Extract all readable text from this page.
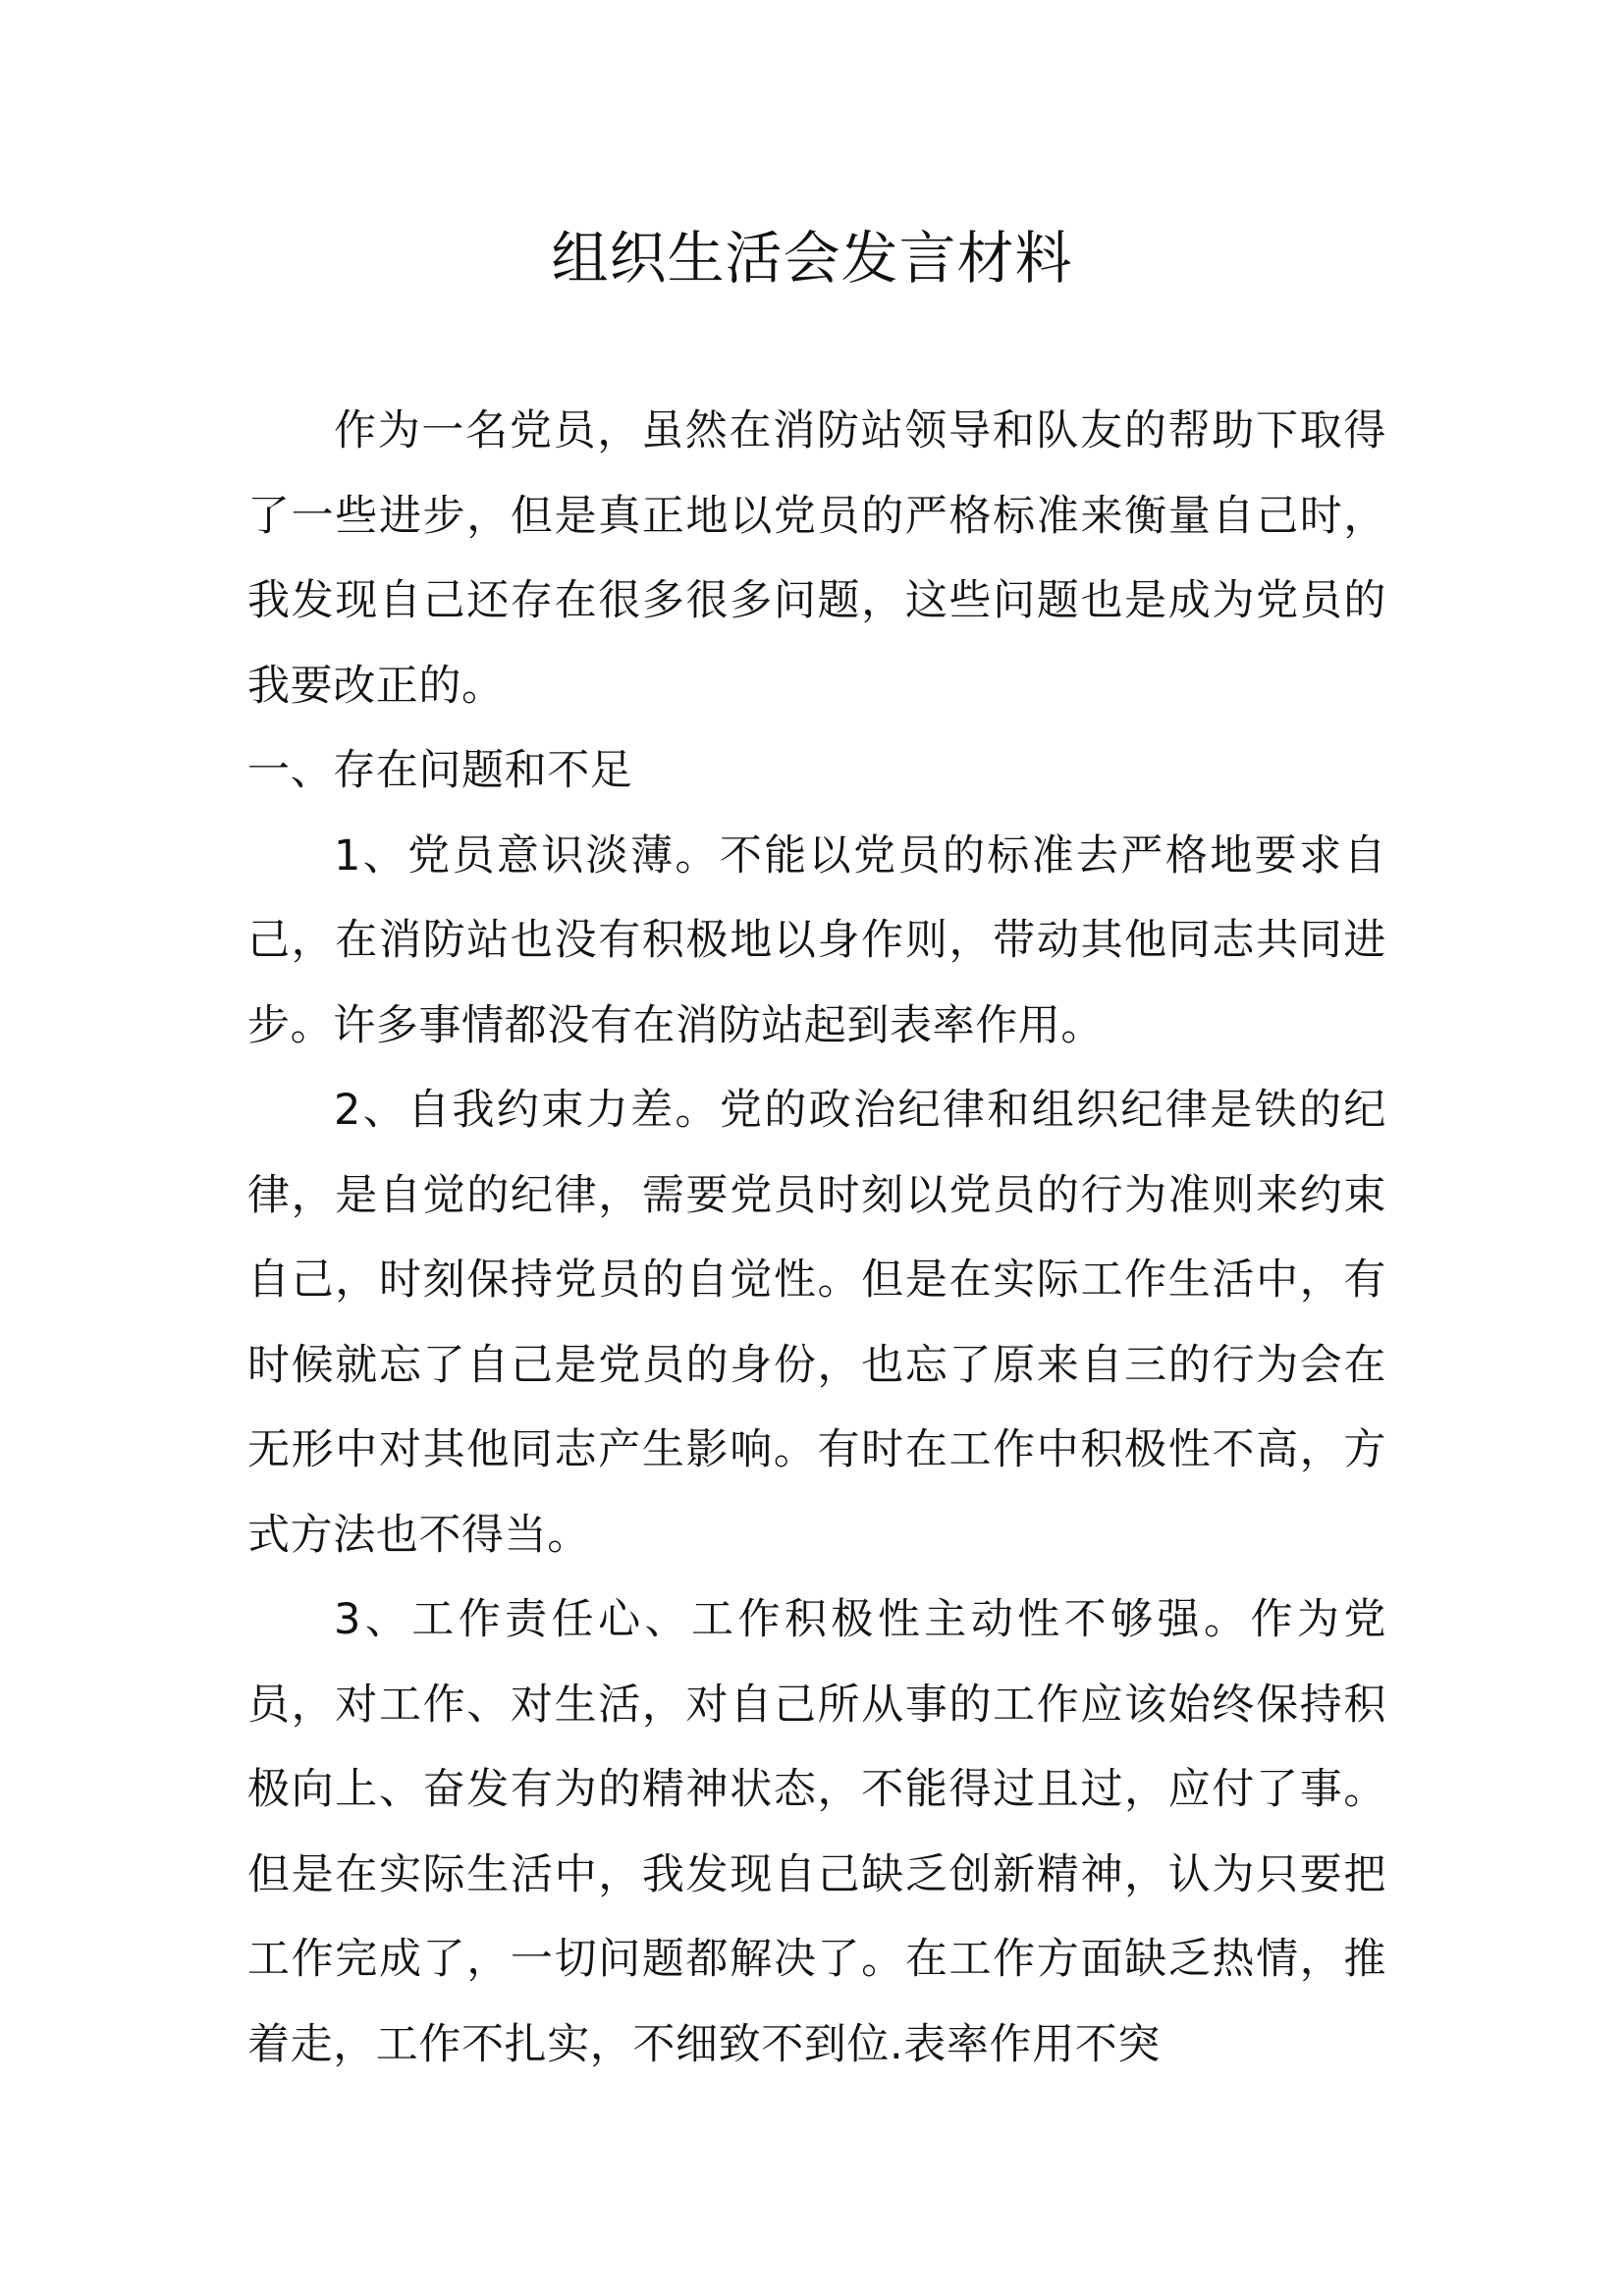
组织生活会发言材料

作为一名党员，虽然在消防站领导和队友的帮助下取得了一些进步，但是真正地以党员的严格标准来衡量自己时，我发现自己还存在很多很多问题，这些问题也是成为党员的我要改正的。

一、存在问题和不足

1、党员意识淡薄。不能以党员的标准去严格地要求自己，在消防站也没有积极地以身作则，带动其他同志共同进步。许多事情都没有在消防站起到表率作用。

2、自我约束力差。党的政治纪律和组织纪律是铁的纪律，是自觉的纪律，需要党员时刻以党员的行为准则来约束自己，时刻保持党员的自觉性。但是在实际工作生活中，有时候就忘了自己是党员的身份，也忘了原来自三的行为会在无形中对其他同志产生影响。有时在工作中积极性不高，方式方法也不得当。

3、工作责任心、工作积极性主动性不够强。作为党员，对工作、对生活，对自己所从事的工作应该始终保持积极向上、奋发有为的精神状态，不能得过且过，应付了事。但是在实际生活中，我发现自己缺乏创新精神，认为只要把工作完成了，一切问题都解决了。在工作方面缺乏热情，推着走，工作不扎实，不细致不到位.表率作用不突
